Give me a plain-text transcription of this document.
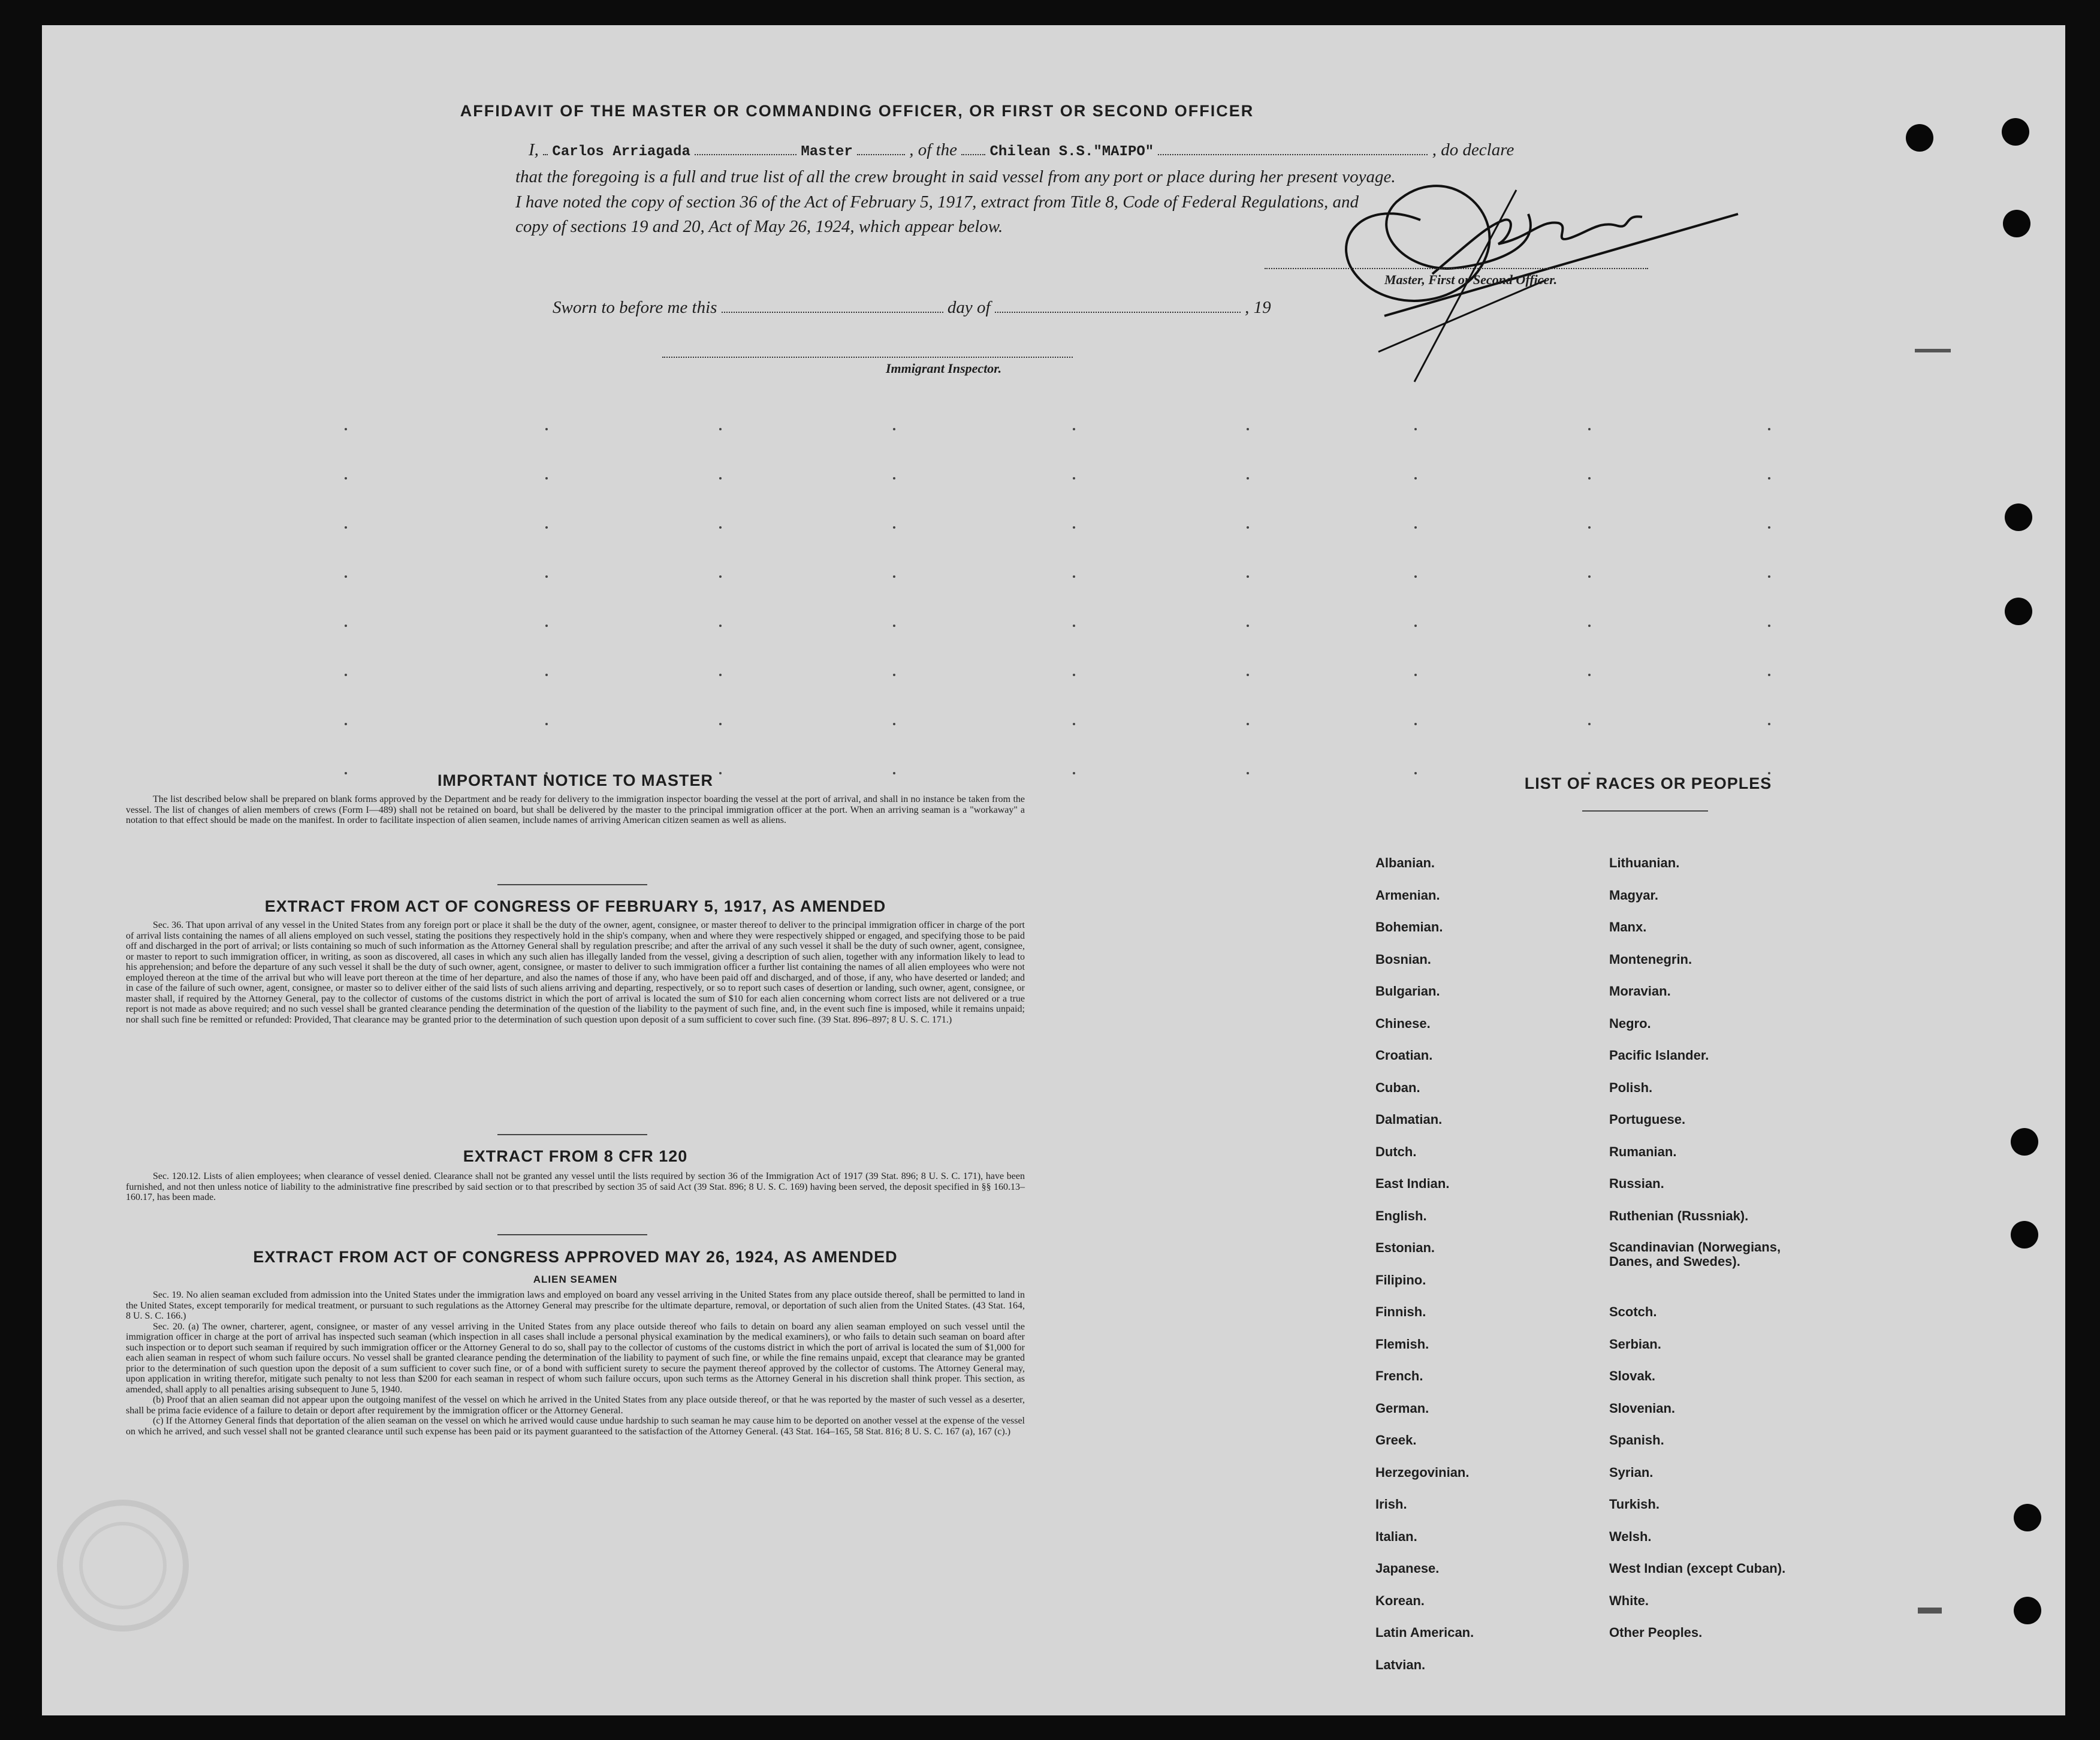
AFFIDAVIT OF THE MASTER OR COMMANDING OFFICER, OR FIRST OR SECOND OFFICER
I, Carlos Arriagada	Master	, of the Chilean S.S."MAIPO"	, do declare
that the foregoing is a full and true list of all the crew brought in said vessel from any port or place during her present voyage.
I have noted the copy of section 36 of the Act of February 5, 1917, extract from Title 8, Code of Federal Regulations, and
copy of sections 19 and 20, Act of May 26, 1924, which appear below.
Master, First or Second Officer.
Sworn to before me this	day of	, 19
Immigrant Inspector.
IMPORTANT NOTICE TO MASTER
The list described below shall be prepared on blank forms approved by the Department and be ready for delivery to the immigration inspector boarding the vessel at the port of arrival, and shall in no instance be taken from the vessel. The list of changes of alien members of crews (Form I—489) shall not be retained on board, but shall be delivered by the master to the principal immigration officer at the port. When an arriving seaman is a "workaway" a notation to that effect should be made on the manifest. In order to facilitate inspection of alien seamen, include names of arriving American citizen seamen as well as aliens.
EXTRACT FROM ACT OF CONGRESS OF FEBRUARY 5, 1917, AS AMENDED
Sec. 36. That upon arrival of any vessel in the United States from any foreign port or place it shall be the duty of the owner, agent, consignee, or master thereof to deliver to the principal immigration officer in charge of the port of arrival lists containing the names of all aliens employed on such vessel, stating the positions they respectively hold in the ship's company, when and where they were respectively shipped or engaged, and specifying those to be paid off and discharged in the port of arrival; or lists containing so much of such information as the Attorney General shall by regulation prescribe; and after the arrival of any such vessel it shall be the duty of such owner, agent, consignee, or master to report to such immigration officer, in writing, as soon as discovered, all cases in which any such alien has illegally landed from the vessel, giving a description of such alien, together with any information likely to lead to his apprehension; and before the departure of any such vessel it shall be the duty of such owner, agent, consignee, or master to deliver to such immigration officer a further list containing the names of all alien employees who were not employed thereon at the time of the arrival but who will leave port thereon at the time of her departure, and also the names of those if any, who have been paid off and discharged, and of those, if any, who have deserted or landed; and in case of the failure of such owner, agent, consignee, or master so to deliver either of the said lists of such aliens arriving and departing, respectively, or so to report such cases of desertion or landing, such owner, agent, consignee, or master shall, if required by the Attorney General, pay to the collector of customs of the customs district in which the port of arrival is located the sum of $10 for each alien concerning whom correct lists are not delivered or a true report is not made as above required; and no such vessel shall be granted clearance pending the determination of the question of the liability to the payment of such fine, and, in the event such fine is imposed, while it remains unpaid; nor shall such fine be remitted or refunded: Provided, That clearance may be granted prior to the determination of such question upon deposit of a sum sufficient to cover such fine. (39 Stat. 896–897; 8 U. S. C. 171.)
EXTRACT FROM 8 CFR 120
Sec. 120.12. Lists of alien employees; when clearance of vessel denied. Clearance shall not be granted any vessel until the lists required by section 36 of the Immigration Act of 1917 (39 Stat. 896; 8 U. S. C. 171), have been furnished, and not then unless notice of liability to the administrative fine prescribed by said section or to that prescribed by section 35 of said Act (39 Stat. 896; 8 U. S. C. 169) having been served, the deposit specified in §§ 160.13–160.17, has been made.
EXTRACT FROM ACT OF CONGRESS APPROVED MAY 26, 1924, AS AMENDED
ALIEN SEAMEN
Sec. 19. No alien seaman excluded from admission into the United States under the immigration laws and employed on board any vessel arriving in the United States from any place outside thereof, shall be permitted to land in the United States, except temporarily for medical treatment, or pursuant to such regulations as the Attorney General may prescribe for the ultimate departure, removal, or deportation of such alien from the United States. (43 Stat. 164, 8 U. S. C. 166.)
Sec. 20. (a) The owner, charterer, agent, consignee, or master of any vessel arriving in the United States from any place outside thereof who fails to detain on board any alien seaman employed on such vessel until the immigration officer in charge at the port of arrival has inspected such seaman (which inspection in all cases shall include a personal physical examination by the medical examiners), or who fails to detain such seaman on board after such inspection or to deport such seaman if required by such immigration officer or the Attorney General to do so, shall pay to the collector of customs of the customs district in which the port of arrival is located the sum of $1,000 for each alien seaman in respect of whom such failure occurs. No vessel shall be granted clearance pending the determination of the liability to payment of such fine, or while the fine remains unpaid, except that clearance may be granted prior to the determination of such question upon the deposit of a sum sufficient to cover such fine, or of a bond with sufficient surety to secure the payment thereof approved by the collector of customs. The Attorney General may, upon application in writing therefor, mitigate such penalty to not less than $200 for each seaman in respect of whom such failure occurs, upon such terms as the Attorney General in his discretion shall think proper. This section, as amended, shall apply to all penalties arising subsequent to June 5, 1940.
(b) Proof that an alien seaman did not appear upon the outgoing manifest of the vessel on which he arrived in the United States from any place outside thereof, or that he was reported by the master of such vessel as a deserter, shall be prima facie evidence of a failure to detain or deport after requirement by the immigration officer or the Attorney General.
(c) If the Attorney General finds that deportation of the alien seaman on the vessel on which he arrived would cause undue hardship to such seaman he may cause him to be deported on another vessel at the expense of the vessel on which he arrived, and such vessel shall not be granted clearance until such expense has been paid or its payment guaranteed to the satisfaction of the Attorney General. (43 Stat. 164–165, 58 Stat. 816; 8 U. S. C. 167 (a), 167 (c).)
LIST OF RACES OR PEOPLES
Albanian.
Armenian.
Bohemian.
Bosnian.
Bulgarian.
Chinese.
Croatian.
Cuban.
Dalmatian.
Dutch.
East Indian.
English.
Estonian.
Filipino.
Finnish.
Flemish.
French.
German.
Greek.
Herzegovinian.
Irish.
Italian.
Japanese.
Korean.
Latin American.
Latvian.
Lithuanian.
Magyar.
Manx.
Montenegrin.
Moravian.
Negro.
Pacific Islander.
Polish.
Portuguese.
Rumanian.
Russian.
Ruthenian (Russniak).
Scandinavian (Norwegians, Danes, and Swedes).
Scotch.
Serbian.
Slovak.
Slovenian.
Spanish.
Syrian.
Turkish.
Welsh.
West Indian (except Cuban).
White.
Other Peoples.
